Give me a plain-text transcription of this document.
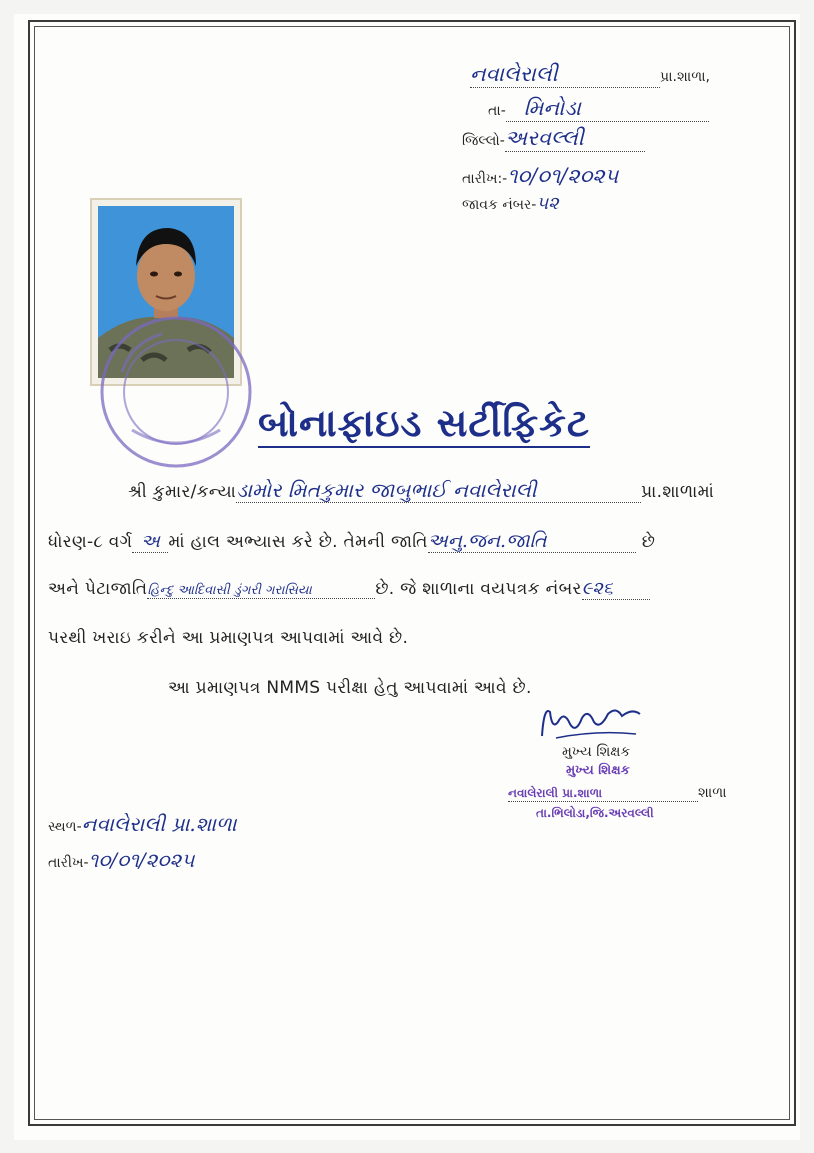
નવાલેરાલી	પ્રા.શાળા,
તા- મિનોડા
જિલ્લો-અરવલ્લી
તારીખ:-૧૦/૦૧/૨૦૨૫
જાવક નંબર-૫૨
બોનાફાઇડ સર્ટીફિકેટ
શ્રી કુમાર/કન્યાડામોર મિતકુમાર જાબુભાઈ નવાલેરાલી	પ્રા.શાળામાં
ધોરણ-૮ વર્ગ અ માં હાલ અભ્યાસ કરે છે. તેમની જાતિઅનુ.જન.જાતિ	છે
અને પેટાજાતિહિન્દુ આદિવાસી ડુંગરી ગરાસિયા	છે. જે શાળાના વયપત્રક નંબર૯૨૬
પરથી ખરાઇ કરીને આ પ્રમાણપત્ર આપવામાં આવે છે.
આ પ્રમાણપત્ર NMMS પરીક્ષા હેતુ આપવામાં આવે છે.
મુખ્ય શિક્ષક
મુખ્ય શિક્ષક
નવાલેરાલી પ્રા.શાળા	શાળા
તા.ભિલોડા,જિ.અરવલ્લી
સ્થળ-નવાલેરાલી પ્રા.શાળા
તારીખ-૧૦/૦૧/૨૦૨૫
